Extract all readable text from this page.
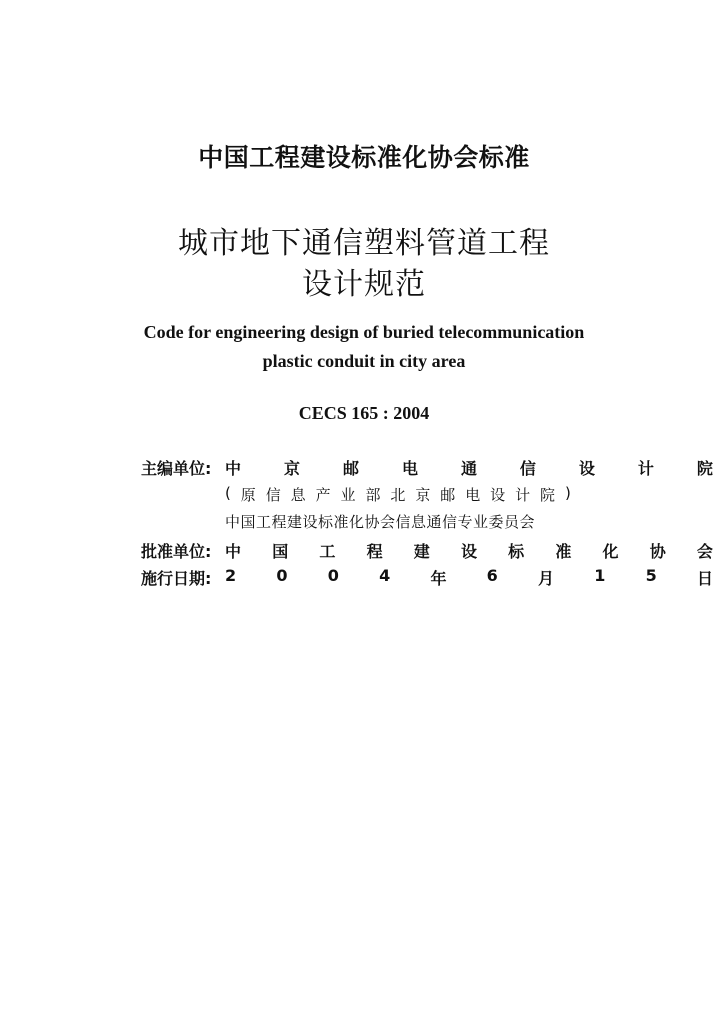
中国工程建设标准化协会标准
城市地下通信塑料管道工程
设计规范
Code for engineering design of buried telecommunication
plastic conduit in city area
CECS 165 : 2004
主编单位: 中	京	邮	电	通	信	设	计	院
( 原 信 息 产 业 部 北 京 邮 电 设 计 院 )
中国工程建设标准化协会信息通信专业委员会
批准单位: 中 国 工 程 建 设 标 准 化 协 会
施行日期: 2	0	0	4	年	6	月	1	5	日
